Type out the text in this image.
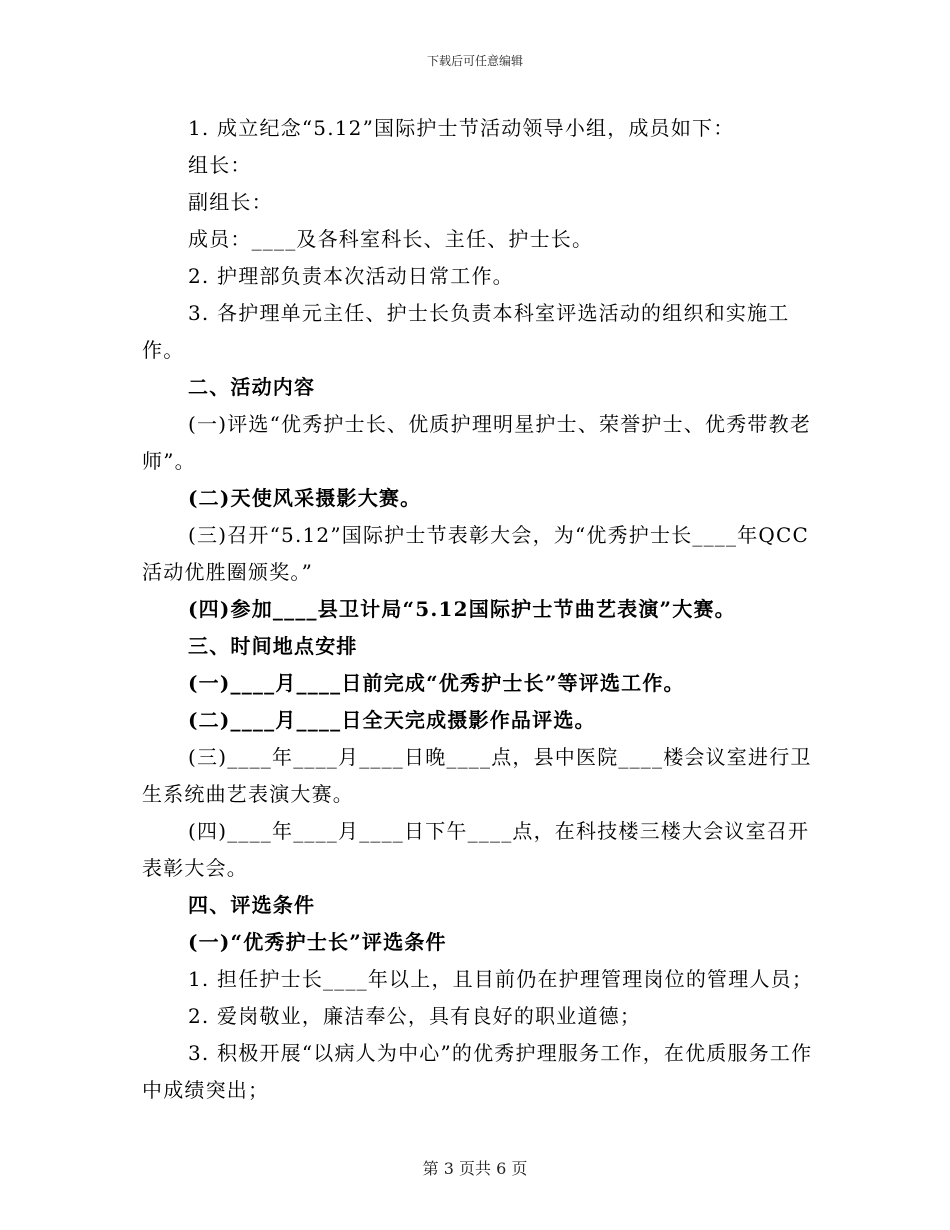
下载后可任意编辑

1. 成立纪念“5.12”国际护士节活动领导小组，成员如下：

组长：

副组长：

成员：____及各科室科长、主任、护士长。

2. 护理部负责本次活动日常工作。

3. 各护理单元主任、护士长负责本科室评选活动的组织和实施工作。

二、活动内容

(一)评选“优秀护士长、优质护理明星护士、荣誉护士、优秀带教老师”。

(二)天使风采摄影大赛。

(三)召开“5.12”国际护士节表彰大会，为“优秀护士长____年QCC活动优胜圈颁奖。”

(四)参加____县卫计局“5.12国际护士节曲艺表演”大赛。

三、时间地点安排

(一)____月____日前完成“优秀护士长”等评选工作。

(二)____月____日全天完成摄影作品评选。

(三)____年____月____日晚____点，县中医院____楼会议室进行卫生系统曲艺表演大赛。

(四)____年____月____日下午____点，在科技楼三楼大会议室召开表彰大会。

四、评选条件

(一)“优秀护士长”评选条件

1. 担任护士长____年以上，且目前仍在护理管理岗位的管理人员；

2. 爱岗敬业，廉洁奉公，具有良好的职业道德；

3. 积极开展“以病人为中心”的优秀护理服务工作，在优质服务工作中成绩突出；

第 3 页共 6 页
